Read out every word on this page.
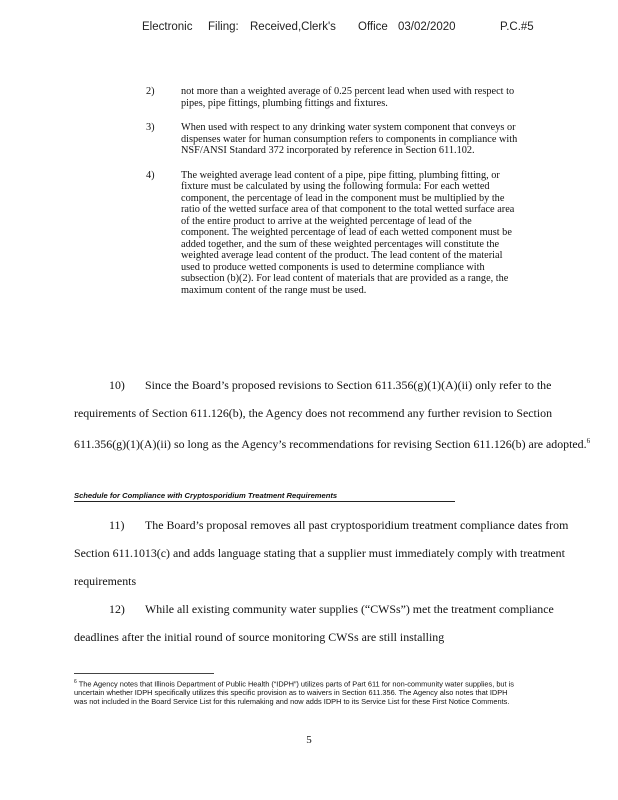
Electronic Filing: Received,Clerk's Office 03/02/2020	P.C.#5
2)	not more than a weighted average of 0.25 percent lead when used with respect to pipes, pipe fittings, plumbing fittings and fixtures.
3)	When used with respect to any drinking water system component that conveys or dispenses water for human consumption refers to components in compliance with NSF/ANSI Standard 372 incorporated by reference in Section 611.102.
4)	The weighted average lead content of a pipe, pipe fitting, plumbing fitting, or fixture must be calculated by using the following formula: For each wetted component, the percentage of lead in the component must be multiplied by the ratio of the wetted surface area of that component to the total wetted surface area of the entire product to arrive at the weighted percentage of lead of the component. The weighted percentage of lead of each wetted component must be added together, and the sum of these weighted percentages will constitute the weighted average lead content of the product. The lead content of the material used to produce wetted components is used to determine compliance with subsection (b)(2). For lead content of materials that are provided as a range, the maximum content of the range must be used.
10) Since the Board’s proposed revisions to Section 611.356(g)(1)(A)(ii) only refer to the requirements of Section 611.126(b), the Agency does not recommend any further revision to Section 611.356(g)(1)(A)(ii) so long as the Agency’s recommendations for revising Section 611.126(b) are adopted.$^6$
Schedule for Compliance with Cryptosporidium Treatment Requirements
11) The Board’s proposal removes all past cryptosporidium treatment compliance dates from Section 611.1013(c) and adds language stating that a supplier must immediately comply with treatment requirements
12) While all existing community water supplies (“CWSs”) met the treatment compliance deadlines after the initial round of source monitoring CWSs are still installing
$^6$ The Agency notes that Illinois Department of Public Health (“IDPH”) utilizes parts of Part 611 for non-community water supplies, but is uncertain whether IDPH specifically utilizes this specific provision as to waivers in Section 611.356. The Agency also notes that IDPH was not included in the Board Service List for this rulemaking and now adds IDPH to its Service List for these First Notice Comments.
5
